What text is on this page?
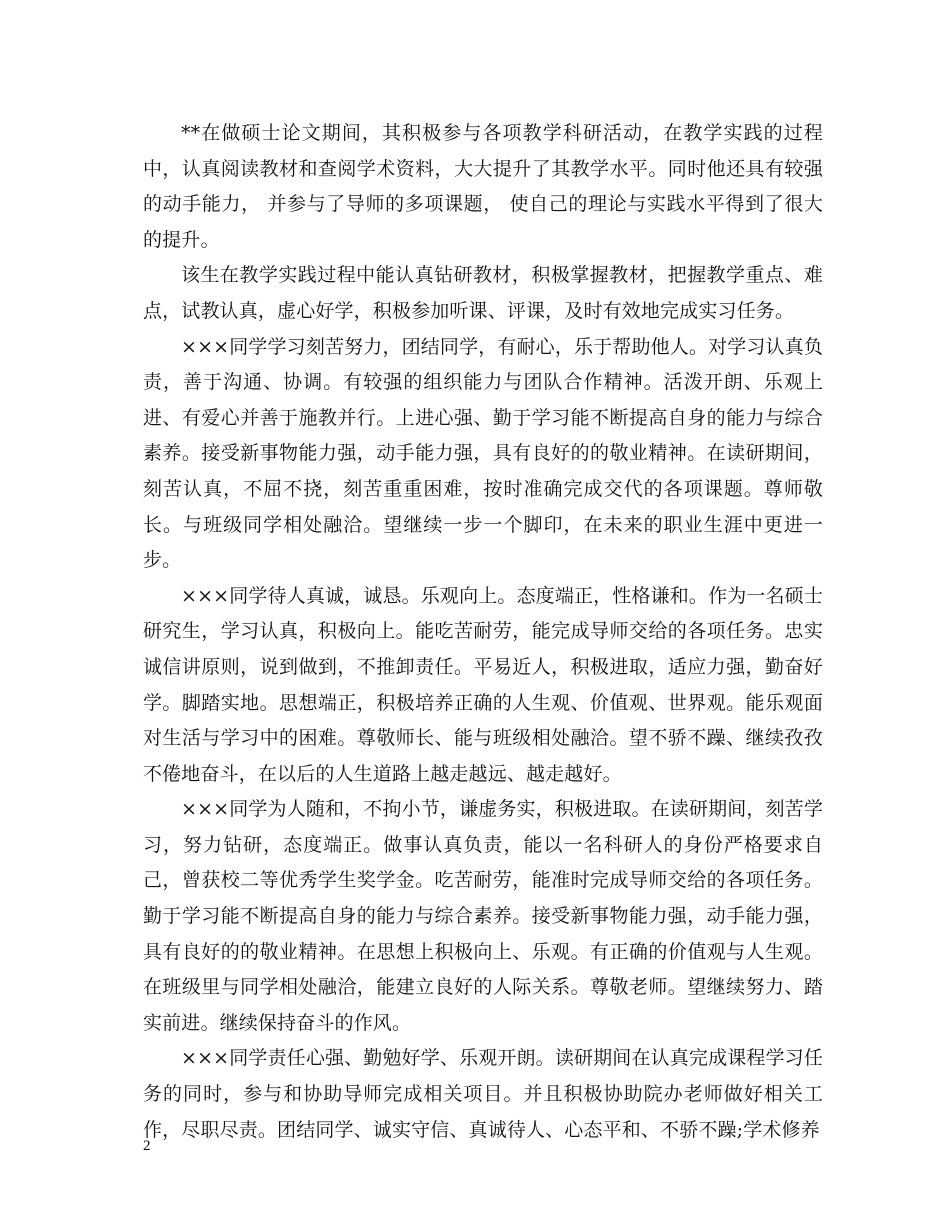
**在做硕士论文期间，其积极参与各项教学科研活动，在教学实践的过程中，认真阅读教材和查阅学术资料，大大提升了其教学水平。同时他还具有较强的动手能力， 并参与了导师的多项课题， 使自己的理论与实践水平得到了很大的提升。

该生在教学实践过程中能认真钻研教材，积极掌握教材，把握教学重点、难点，试教认真，虚心好学，积极参加听课、评课，及时有效地完成实习任务。

×××同学学习刻苦努力，团结同学，有耐心，乐于帮助他人。对学习认真负责，善于沟通、协调。有较强的组织能力与团队合作精神。活泼开朗、乐观上进、有爱心并善于施教并行。上进心强、勤于学习能不断提高自身的能力与综合素养。接受新事物能力强，动手能力强，具有良好的的敬业精神。在读研期间，刻苦认真，不屈不挠，刻苦重重困难，按时准确完成交代的各项课题。尊师敬长。与班级同学相处融洽。望继续一步一个脚印，在未来的职业生涯中更进一步。

×××同学待人真诚，诚恳。乐观向上。态度端正，性格谦和。作为一名硕士研究生，学习认真，积极向上。能吃苦耐劳，能完成导师交给的各项任务。忠实诚信讲原则，说到做到，不推卸责任。平易近人，积极进取，适应力强，勤奋好学。脚踏实地。思想端正，积极培养正确的人生观、价值观、世界观。能乐观面对生活与学习中的困难。尊敬师长、能与班级相处融洽。望不骄不躁、继续孜孜不倦地奋斗，在以后的人生道路上越走越远、越走越好。

×××同学为人随和，不拘小节，谦虚务实，积极进取。在读研期间，刻苦学习，努力钻研，态度端正。做事认真负责，能以一名科研人的身份严格要求自己，曾获校二等优秀学生奖学金。吃苦耐劳，能准时完成导师交给的各项任务。勤于学习能不断提高自身的能力与综合素养。接受新事物能力强，动手能力强，具有良好的的敬业精神。在思想上积极向上、乐观。有正确的价值观与人生观。在班级里与同学相处融洽，能建立良好的人际关系。尊敬老师。望继续努力、踏实前进。继续保持奋斗的作风。

×××同学责任心强、勤勉好学、乐观开朗。读研期间在认真完成课程学习任务的同时，参与和协助导师完成相关项目。并且积极协助院办老师做好相关工作，尽职尽责。团结同学、诚实守信、真诚待人、心态平和、不骄不躁;学术修养

2
